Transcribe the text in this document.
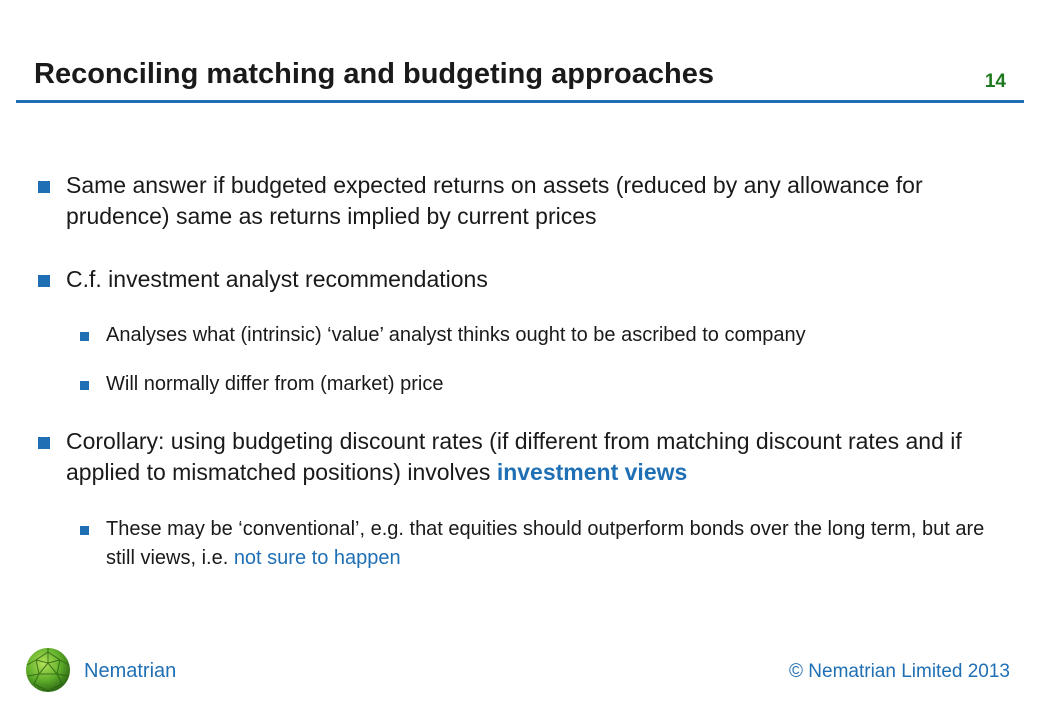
Reconciling matching and budgeting approaches	14
Same answer if budgeted expected returns on assets (reduced by any allowance for prudence) same as returns implied by current prices
C.f. investment analyst recommendations
Analyses what (intrinsic) ‘value’ analyst thinks ought to be ascribed to company
Will normally differ from (market) price
Corollary: using budgeting discount rates (if different from matching discount rates and if applied to mismatched positions) involves investment views
These may be ‘conventional’, e.g. that equities should outperform bonds over the long term, but are still views, i.e. not sure to happen
Nematrian	© Nematrian Limited 2013
